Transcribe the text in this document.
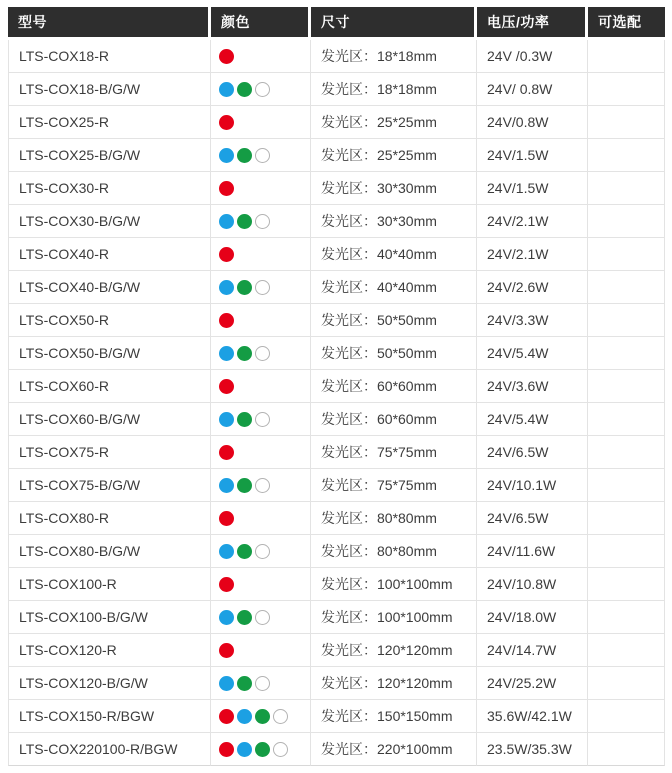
型号	颜色	尺寸	电压/功率	可选配
LTS-COX18-R	发光区：18*18mm	24V /0.3W
LTS-COX18-B/G/W	发光区：18*18mm	24V/ 0.8W
LTS-COX25-R	发光区：25*25mm	24V/0.8W
LTS-COX25-B/G/W	发光区：25*25mm	24V/1.5W
LTS-COX30-R	发光区：30*30mm	24V/1.5W
LTS-COX30-B/G/W	发光区：30*30mm	24V/2.1W
LTS-COX40-R	发光区：40*40mm	24V/2.1W
LTS-COX40-B/G/W	发光区：40*40mm	24V/2.6W
LTS-COX50-R	发光区：50*50mm	24V/3.3W
LTS-COX50-B/G/W	发光区：50*50mm	24V/5.4W
LTS-COX60-R	发光区：60*60mm	24V/3.6W
LTS-COX60-B/G/W	发光区：60*60mm	24V/5.4W
LTS-COX75-R	发光区：75*75mm	24V/6.5W
LTS-COX75-B/G/W	发光区：75*75mm	24V/10.1W
LTS-COX80-R	发光区：80*80mm	24V/6.5W
LTS-COX80-B/G/W	发光区：80*80mm	24V/11.6W
LTS-COX100-R	发光区：100*100mm	24V/10.8W
LTS-COX100-B/G/W	发光区：100*100mm	24V/18.0W
LTS-COX120-R	发光区：120*120mm	24V/14.7W
LTS-COX120-B/G/W	发光区：120*120mm	24V/25.2W
LTS-COX150-R/BGW	发光区：150*150mm	35.6W/42.1W
LTS-COX220100-R/BGW	发光区：220*100mm	23.5W/35.3W
